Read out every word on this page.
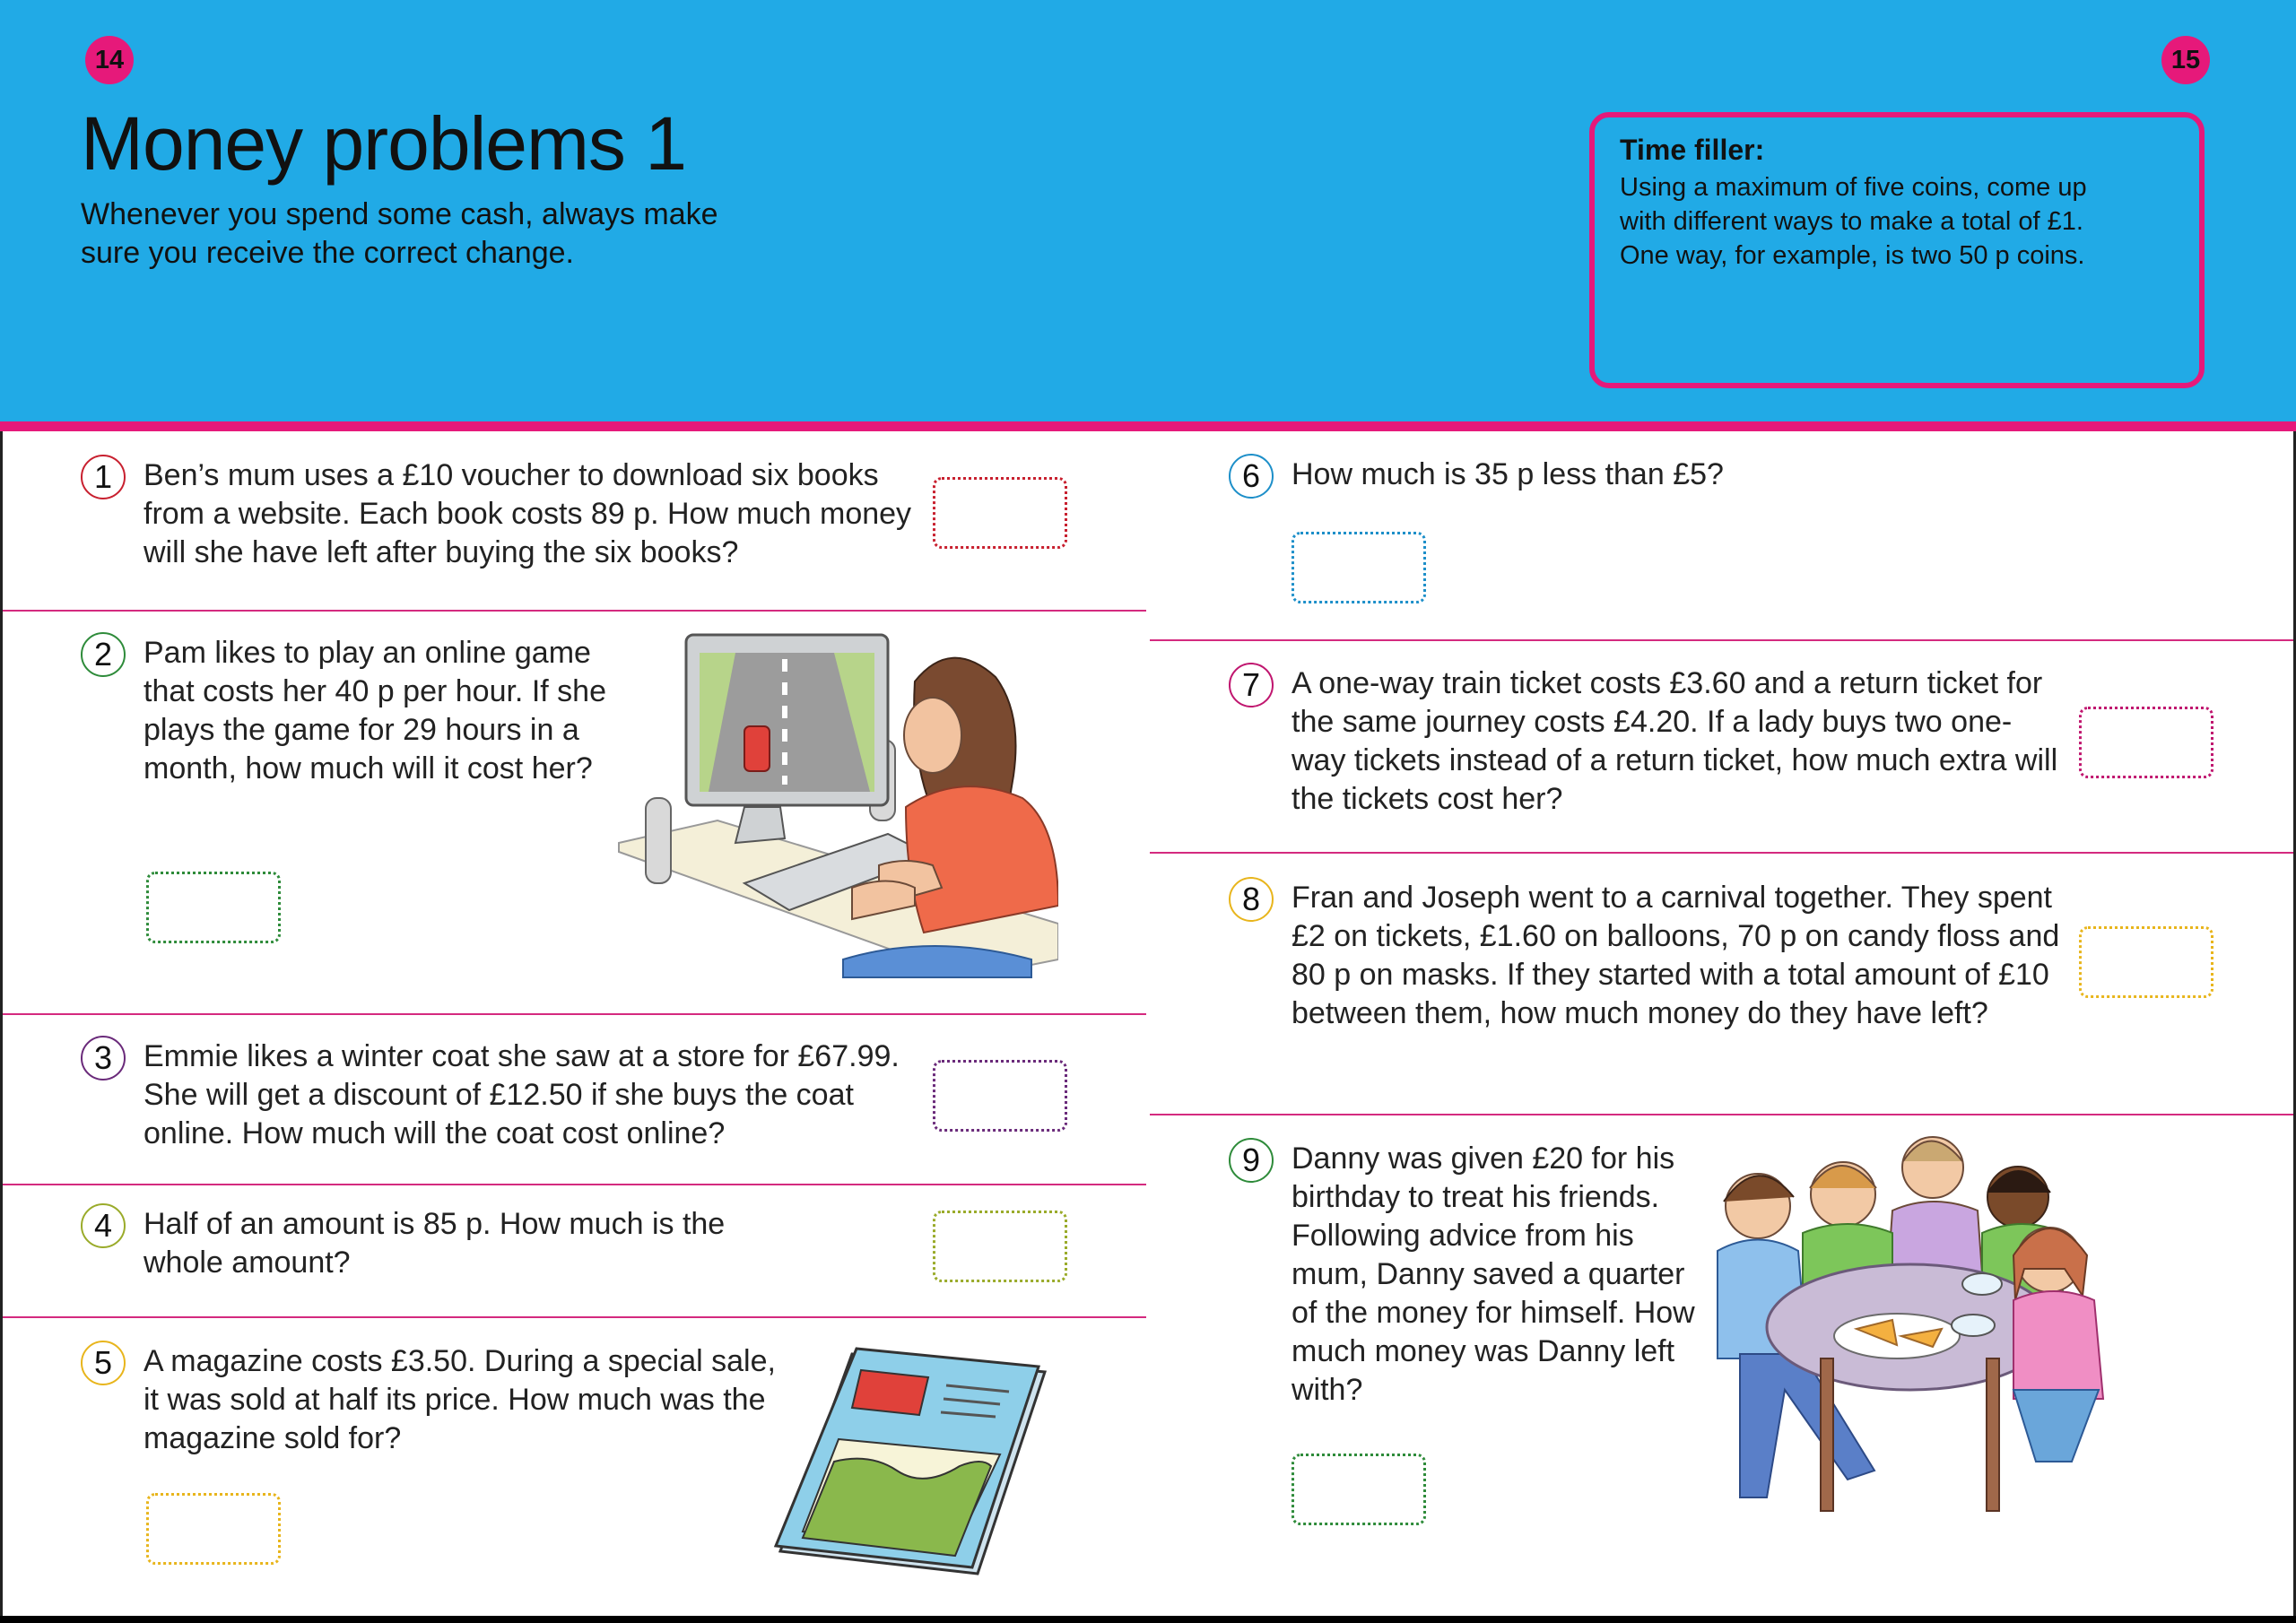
14	15
Money problems 1

Whenever you spend some cash, always make sure you receive the correct change.

Time filler:
Using a maximum of five coins, come up with different ways to make a total of £1. One way, for example, is two 50 p coins.
1	Ben’s mum uses a £10 voucher to download six books from a website. Each book costs 89 p. How much money will she have left after buying the six books?

2	Pam likes to play an online game that costs her 40 p per hour. If she plays the game for 29 hours in a month, how much will it cost her?

3	Emmie likes a winter coat she saw at a store for £67.99. She will get a discount of £12.50 if she buys the coat online. How much will the coat cost online?

4	Half of an amount is 85 p. How much is the whole amount?

5	A magazine costs £3.50. During a special sale, it was sold at half its price. How much was the magazine sold for?

6	How much is 35 p less than £5?

7	A one-way train ticket costs £3.60 and a return ticket for the same journey costs £4.20. If a lady buys two one-way tickets instead of a return ticket, how much extra will the tickets cost her?

8	Fran and Joseph went to a carnival together. They spent £2 on tickets, £1.60 on balloons, 70 p on candy floss and 80 p on masks. If they started with a total amount of £10 between them, how much money do they have left?

9	Danny was given £20 for his birthday to treat his friends. Following advice from his mum, Danny saved a quarter of the money for himself. How much money was Danny left with?
